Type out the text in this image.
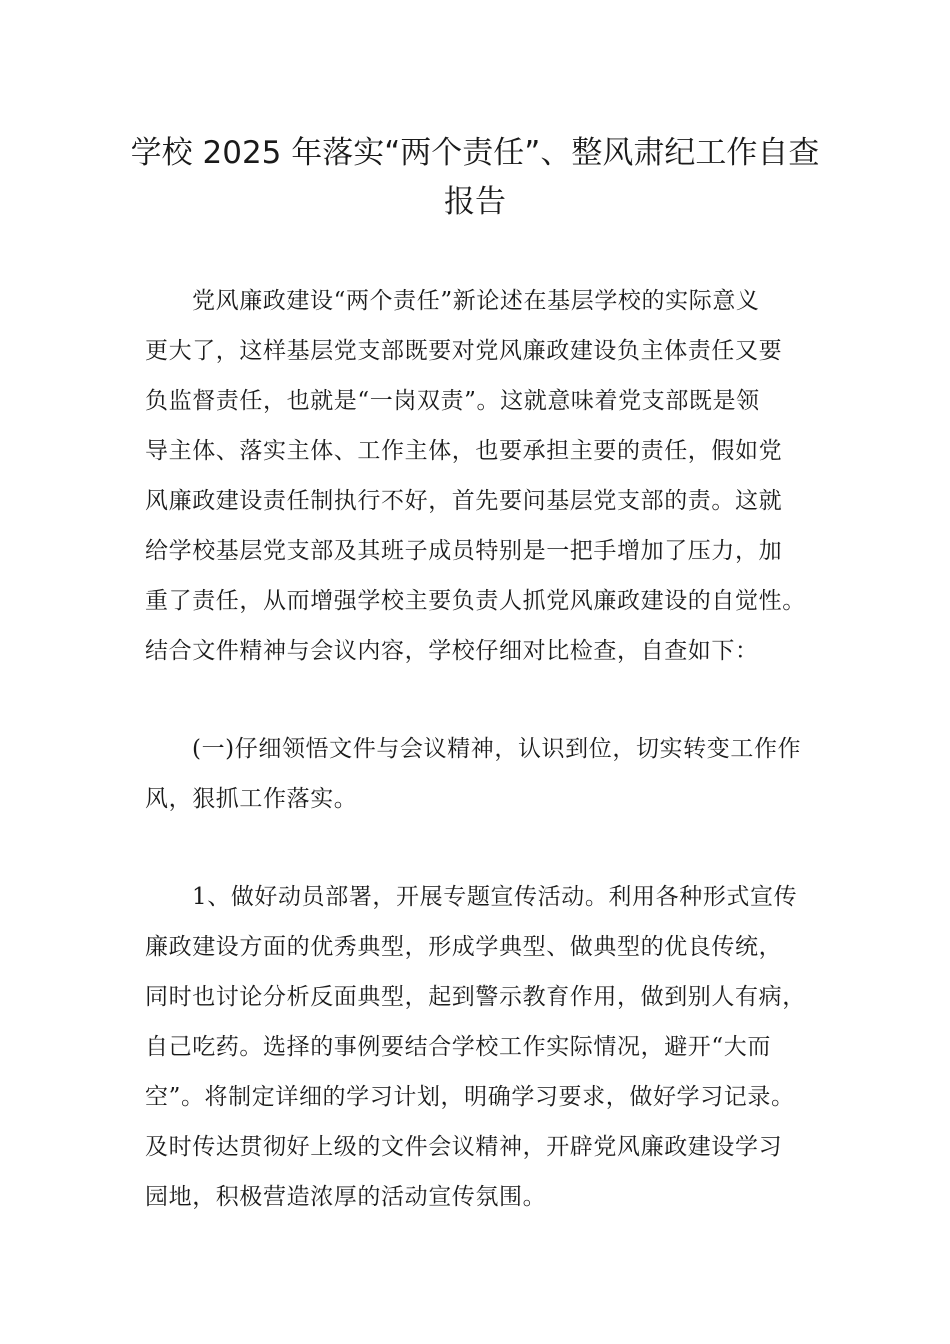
学校 2025 年落实“两个责任”、整风肃纪工作自查
报告
党风廉政建设“两个责任”新论述在基层学校的实际意义
更大了，这样基层党支部既要对党风廉政建设负主体责任又要
负监督责任，也就是“一岗双责”。这就意味着党支部既是领
导主体、落实主体、工作主体，也要承担主要的责任，假如党
风廉政建设责任制执行不好，首先要问基层党支部的责。这就
给学校基层党支部及其班子成员特别是一把手增加了压力，加
重了责任，从而增强学校主要负责人抓党风廉政建设的自觉性。
结合文件精神与会议内容，学校仔细对比检查，自查如下：
(一)仔细领悟文件与会议精神，认识到位，切实转变工作作
风，狠抓工作落实。
1、做好动员部署，开展专题宣传活动。利用各种形式宣传
廉政建设方面的优秀典型，形成学典型、做典型的优良传统，
同时也讨论分析反面典型，起到警示教育作用，做到别人有病，
自己吃药。选择的事例要结合学校工作实际情况，避开“大而
空”。将制定详细的学习计划，明确学习要求，做好学习记录。
及时传达贯彻好上级的文件会议精神，开辟党风廉政建设学习
园地，积极营造浓厚的活动宣传氛围。
